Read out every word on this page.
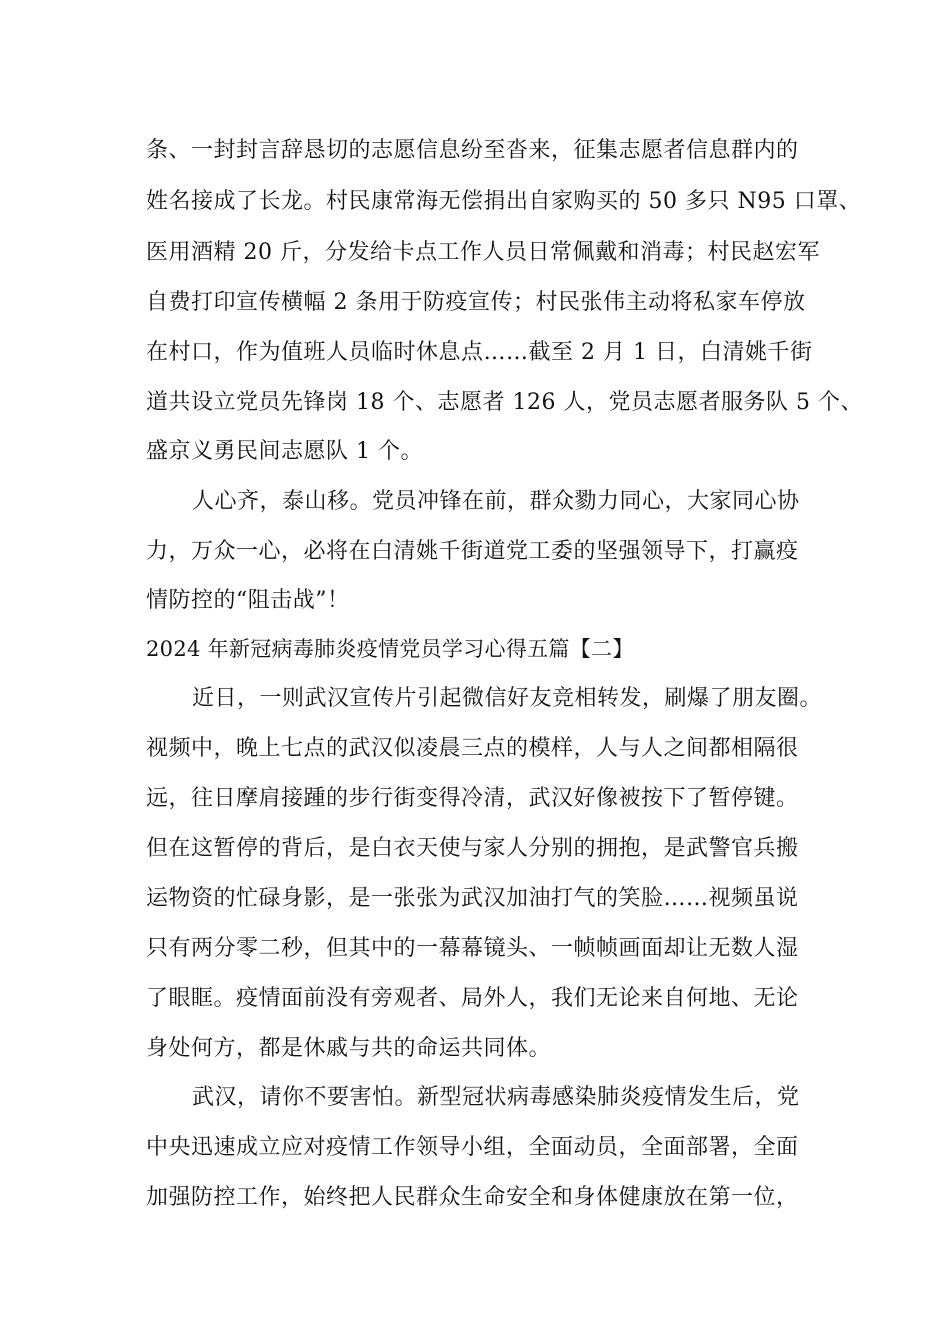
条、一封封言辞恳切的志愿信息纷至沓来，征集志愿者信息群内的
姓名接成了长龙。村民康常海无偿捐出自家购买的 50 多只 N95 口罩、
医用酒精 20 斤，分发给卡点工作人员日常佩戴和消毒；村民赵宏军
自费打印宣传横幅 2 条用于防疫宣传；村民张伟主动将私家车停放
在村口，作为值班人员临时休息点……截至 2 月 1 日，白清姚千街
道共设立党员先锋岗 18 个、志愿者 126 人，党员志愿者服务队 5 个、
盛京义勇民间志愿队 1 个。
人心齐，泰山移。党员冲锋在前，群众勠力同心，大家同心协
力，万众一心，必将在白清姚千街道党工委的坚强领导下，打赢疫
情防控的“阻击战”！
2024 年新冠病毒肺炎疫情党员学习心得五篇【二】
近日，一则武汉宣传片引起微信好友竞相转发，刷爆了朋友圈。
视频中，晚上七点的武汉似凌晨三点的模样，人与人之间都相隔很
远，往日摩肩接踵的步行街变得冷清，武汉好像被按下了暂停键。
但在这暂停的背后，是白衣天使与家人分别的拥抱，是武警官兵搬
运物资的忙碌身影，是一张张为武汉加油打气的笑脸……视频虽说
只有两分零二秒，但其中的一幕幕镜头、一帧帧画面却让无数人湿
了眼眶。疫情面前没有旁观者、局外人，我们无论来自何地、无论
身处何方，都是休戚与共的命运共同体。
武汉，请你不要害怕。新型冠状病毒感染肺炎疫情发生后，党
中央迅速成立应对疫情工作领导小组，全面动员，全面部署，全面
加强防控工作，始终把人民群众生命安全和身体健康放在第一位，
